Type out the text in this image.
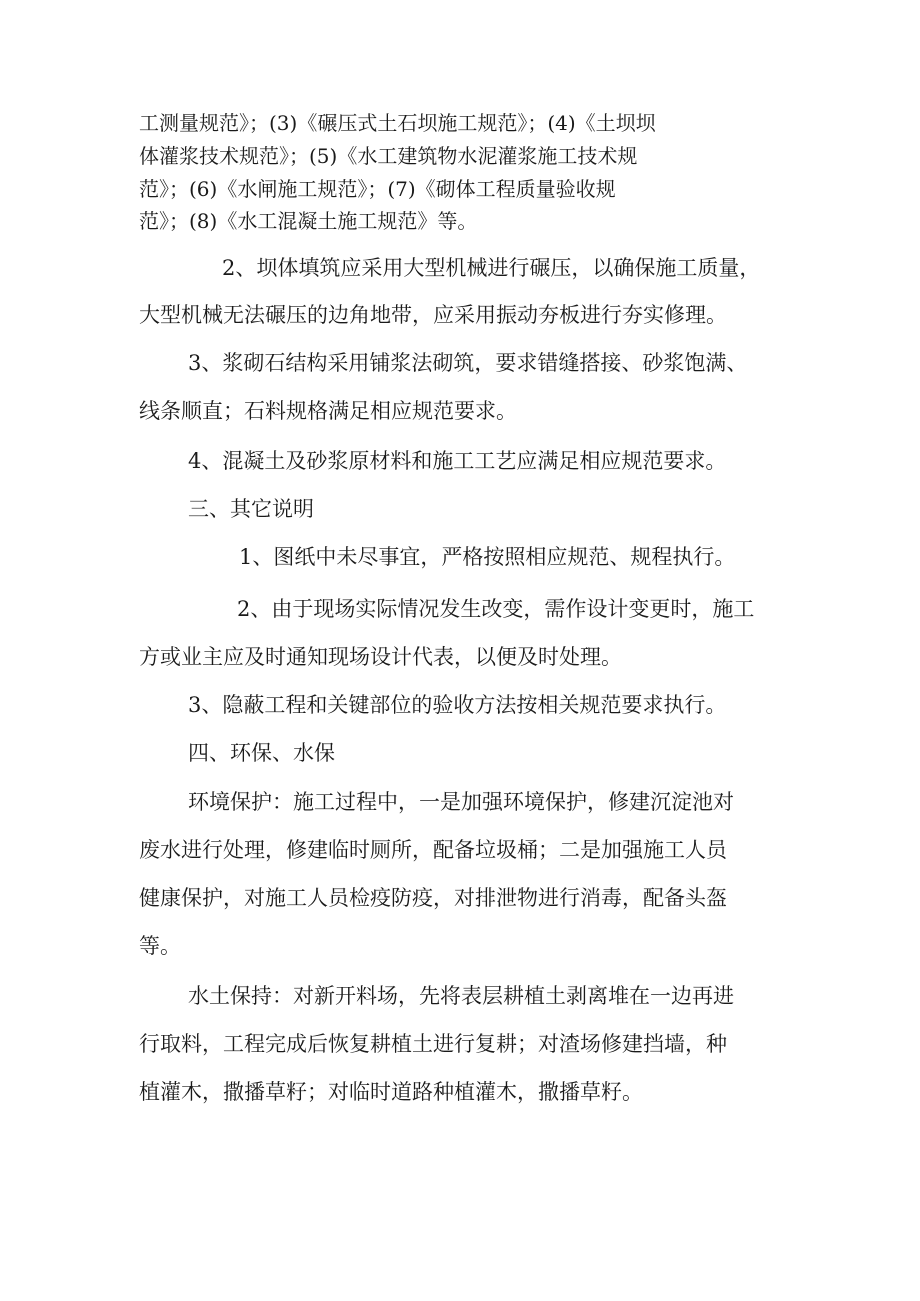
工测量规范》；(3)《碾压式土石坝施工规范》；(4)《土坝坝
体灌浆技术规范》；(5)《水工建筑物水泥灌浆施工技术规
范》；(6)《水闸施工规范》；(7)《砌体工程质量验收规
范》；(8)《水工混凝土施工规范》等。
2、坝体填筑应采用大型机械进行碾压，以确保施工质量，
大型机械无法碾压的边角地带，应采用振动夯板进行夯实修理。
3、浆砌石结构采用铺浆法砌筑，要求错缝搭接、砂浆饱满、
线条顺直；石料规格满足相应规范要求。
4、混凝土及砂浆原材料和施工工艺应满足相应规范要求。
三、其它说明
1、图纸中未尽事宜，严格按照相应规范、规程执行。
2、由于现场实际情况发生改变，需作设计变更时，施工
方或业主应及时通知现场设计代表，以便及时处理。
3、隐蔽工程和关键部位的验收方法按相关规范要求执行。
四、环保、水保
环境保护：施工过程中，一是加强环境保护，修建沉淀池对
废水进行处理，修建临时厕所，配备垃圾桶；二是加强施工人员
健康保护，对施工人员检疫防疫，对排泄物进行消毒，配备头盔
等。
水土保持：对新开料场，先将表层耕植土剥离堆在一边再进
行取料，工程完成后恢复耕植土进行复耕；对渣场修建挡墙，种
植灌木，撒播草籽；对临时道路种植灌木，撒播草籽。
